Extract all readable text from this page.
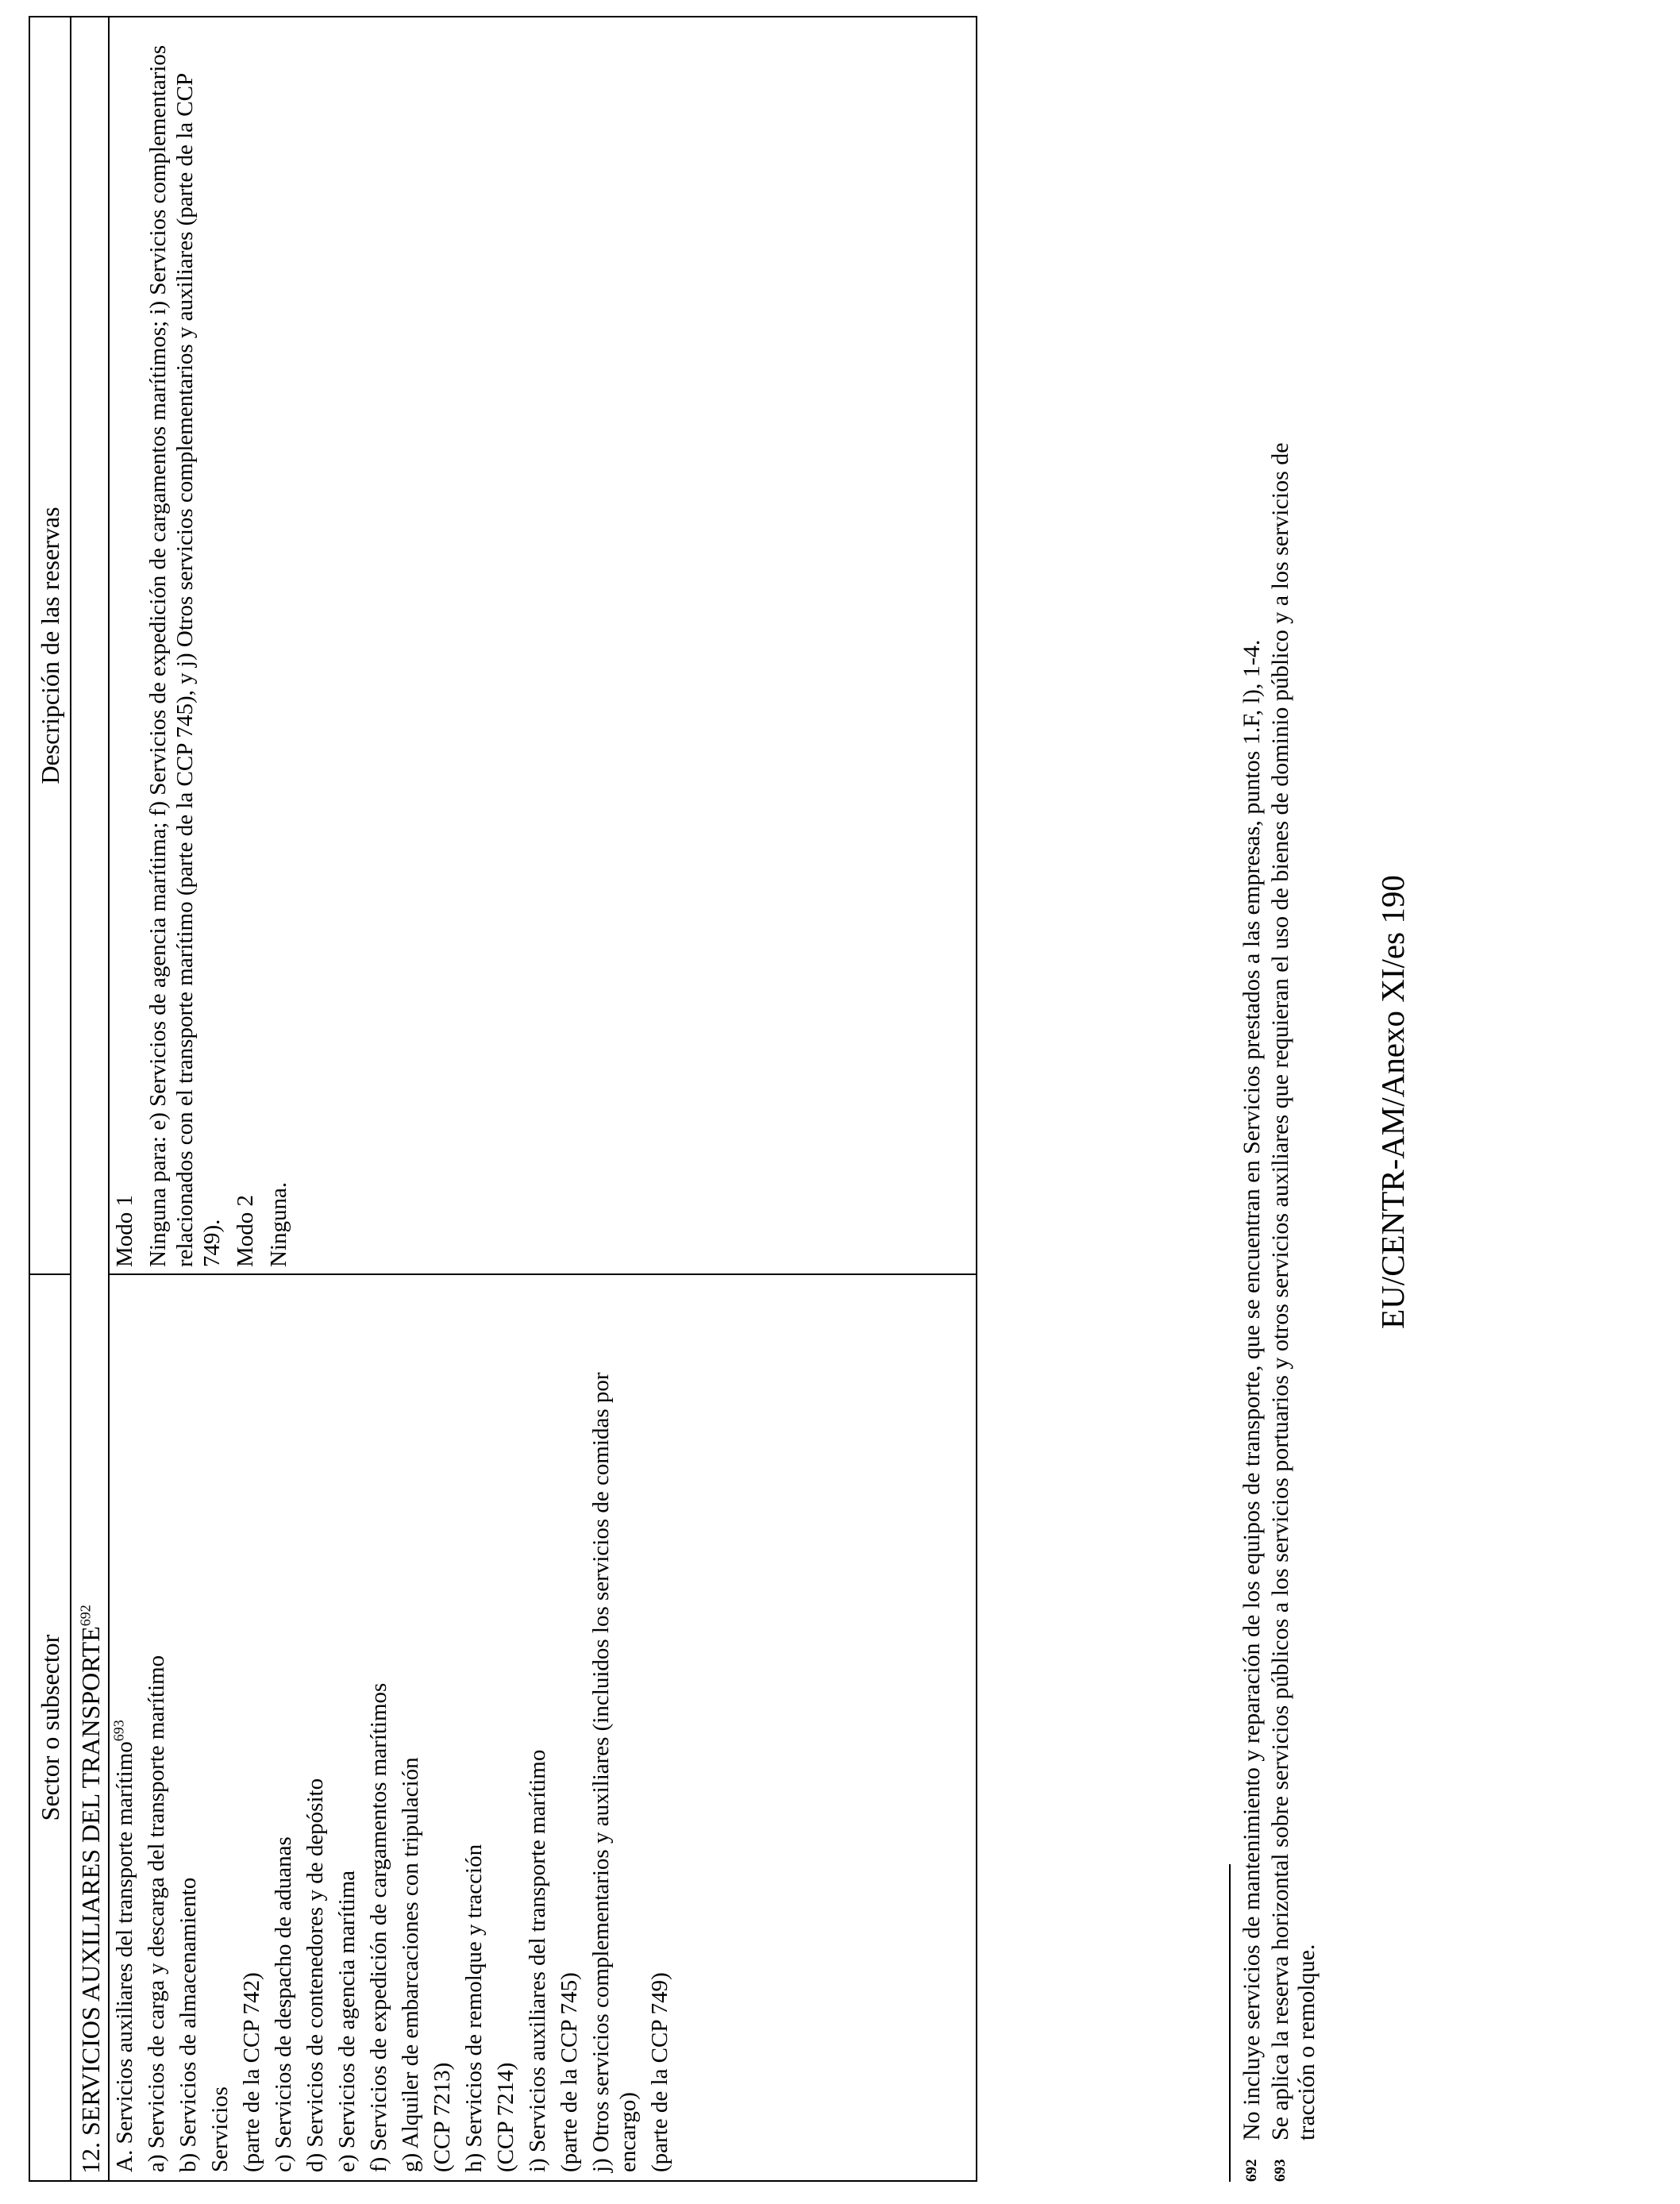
Sector o subsector
Descripción de las reservas
12. SERVICIOS AUXILIARES DEL TRANSPORTE$^{692}$
A. Servicios auxiliares del transporte marítimo$^{693}$ a) Servicios de carga y descarga del transporte marítimo b) Servicios de almacenamiento Servicios (parte de la CCP 742) c) Servicios de despacho de aduanas d) Servicios de contenedores y de depósito e) Servicios de agencia marítima f) Servicios de expedición de cargamentos marítimos g) Alquiler de embarcaciones con tripulación (CCP 7213) h) Servicios de remolque y tracción (CCP 7214) i) Servicios auxiliares del transporte marítimo (parte de la CCP 745) j) Otros servicios complementarios y auxiliares (incluidos los servicios de comidas por encargo) (parte de la CCP 749)
Modo 1 Ninguna para: e) Servicios de agencia marítima; f) Servicios de expedición de cargamentos marítimos; i) Servicios complementarios relacionados con el transporte marítimo (parte de la CCP 745), y j) Otros servicios complementarios y auxiliares (parte de la CCP 749). Modo 2 Ninguna.
692No incluye servicios de mantenimiento y reparación de los equipos de transporte, que se encuentran en Servicios prestados a las empresas, puntos 1.F, l), 1-4.
693Se aplica la reserva horizontal sobre servicios públicos a los servicios portuarios y otros servicios auxiliares que requieran el uso de bienes de dominio público y a los servicios de tracción o remolque.
EU/CENTR-AM/Anexo XI/es 190
